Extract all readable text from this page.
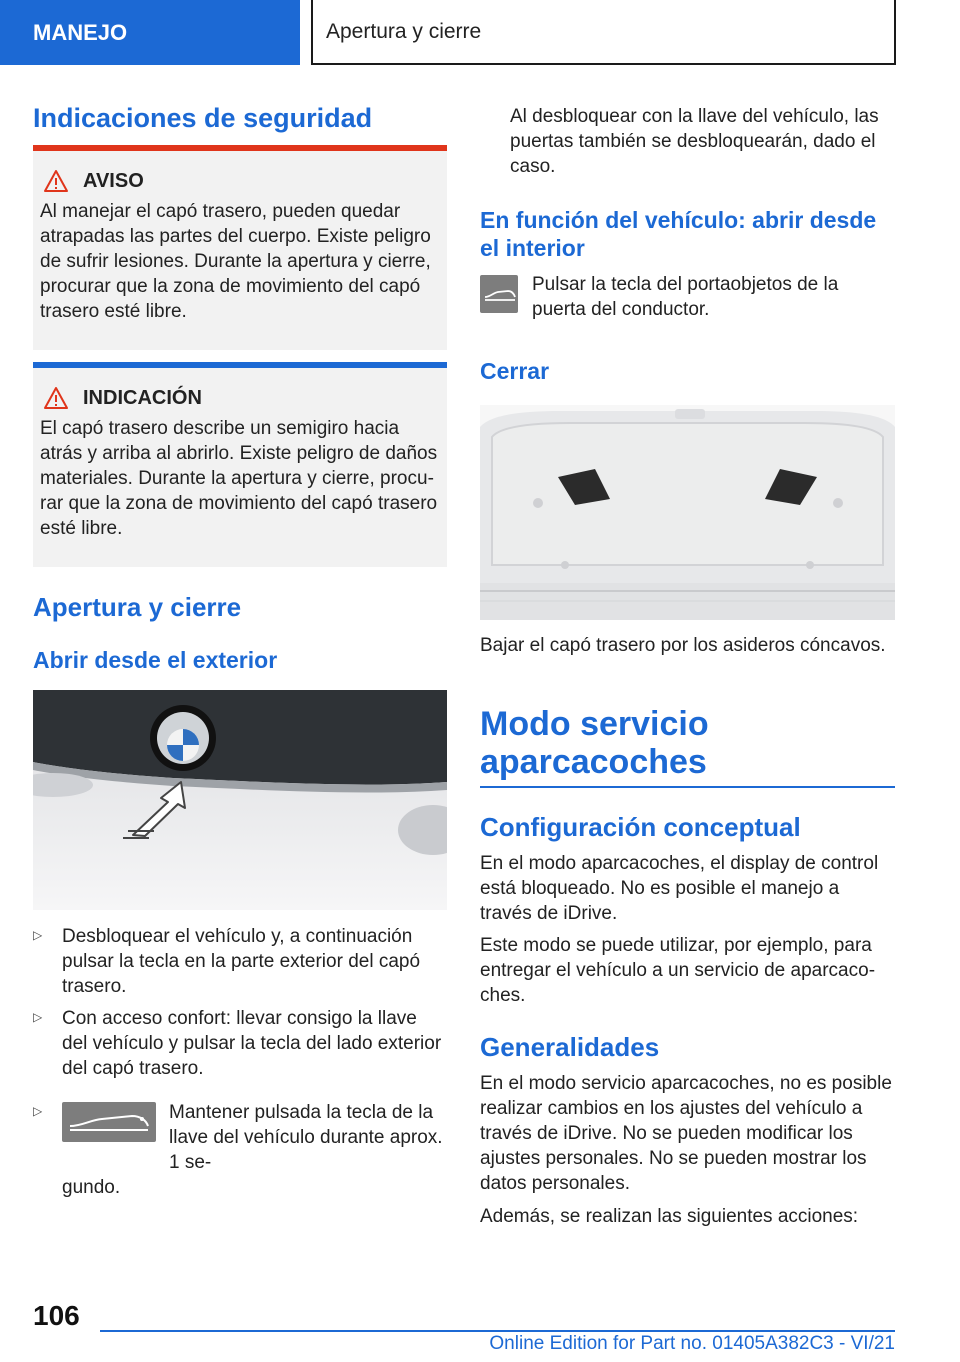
MANEJO	Apertura y cierre
Indicaciones de seguridad
AVISO

Al manejar el capó trasero, pueden quedar atrapadas las partes del cuerpo. Existe peligro de sufrir lesiones. Durante la apertura y cierre, procurar que la zona de movimiento del capó trasero esté libre.

INDICACIÓN

El capó trasero describe un semigiro hacia atrás y arriba al abrirlo. Existe peligro de daños materiales. Durante la apertura y cierre, procurar que la zona de movimiento del capó trasero esté libre.

Apertura y cierre
Abrir desde el exterior
▷ Desbloquear el vehículo y, a continuación pulsar la tecla en la parte exterior del capó trasero.
▷ Con acceso confort: llevar consigo la llave del vehículo y pulsar la tecla del lado exterior del capó trasero.
▷	Mantener pulsada la tecla de la llave del vehículo durante aprox. 1 se-
gundo.

Al desbloquear con la llave del vehículo, las puertas también se desbloquearán, dado el caso.

En función del vehículo: abrir desde el interior

Pulsar la tecla del portaobjetos de la puerta del conductor.

Cerrar

Bajar el capó trasero por los asideros cóncavos.

Modo servicio aparcacoches
Configuración conceptual

En el modo aparcacoches, el display de control está bloqueado. No es posible el manejo a través de iDrive.

Este modo se puede utilizar, por ejemplo, para entregar el vehículo a un servicio de aparcacoches.

Generalidades

En el modo servicio aparcacoches, no es posible realizar cambios en los ajustes del vehículo a través de iDrive. No se pueden modificar los ajustes personales. No se pueden mostrar los datos personales.

Además, se realizan las siguientes acciones:

106
Online Edition for Part no. 01405A382C3 - VI/21
